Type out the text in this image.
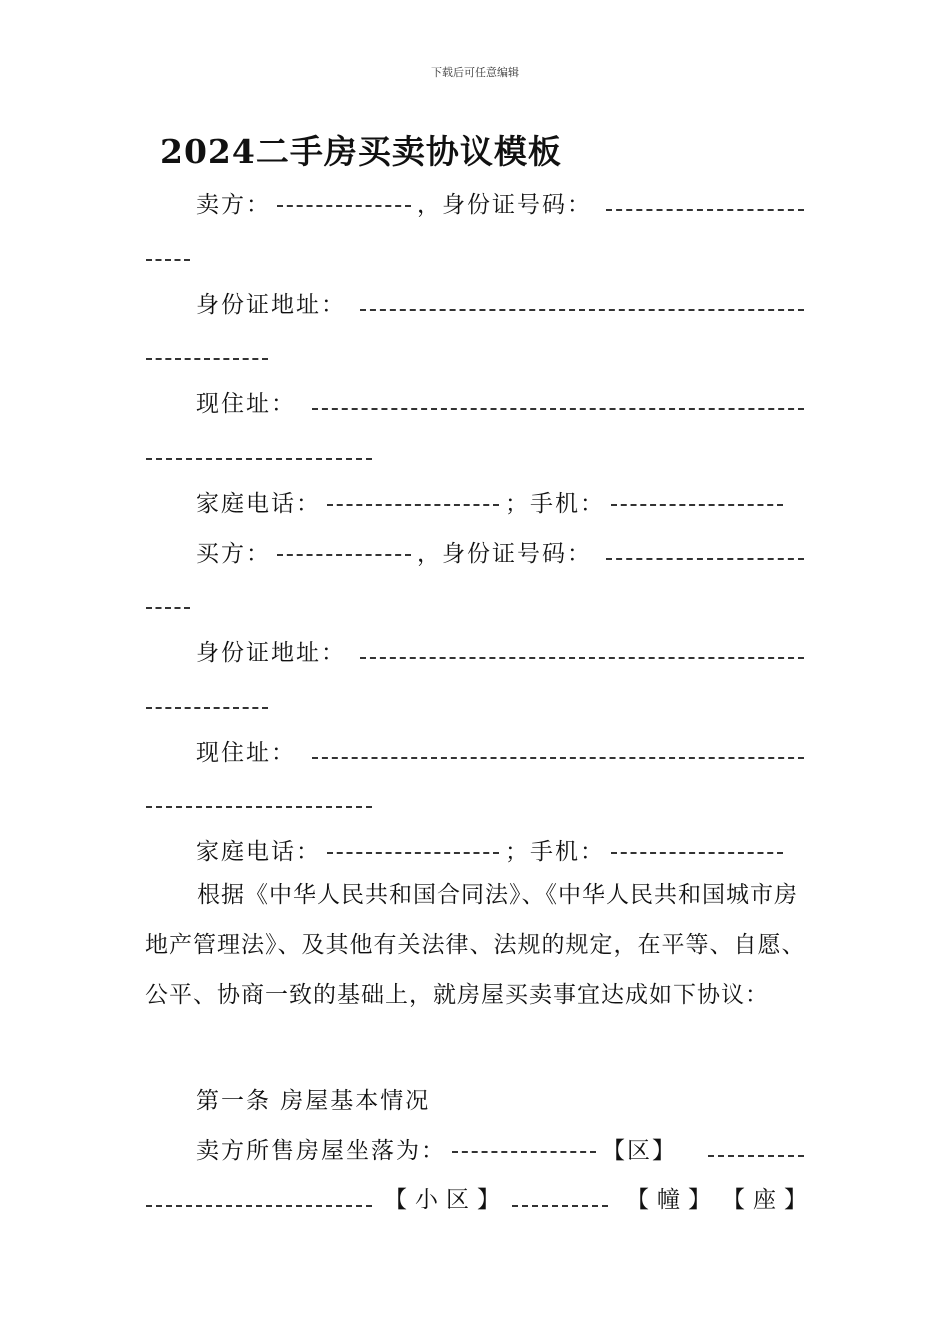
下载后可任意编辑
2024二手房买卖协议模板
卖方：	，身份证号码：
身份证地址：
现住址：
家庭电话：	；手机：
买方：	，身份证号码：
身份证地址：
现住址：
家庭电话：	；手机：
根据《中华人民共和国合同法》、《中华人民共和国城市房地产管理法》、及其他有关法律、法规的规定，在平等、自愿、公平、协商一致的基础上，就房屋买卖事宜达成如下协议：
第一条 房屋基本情况
卖方所售房屋坐落为：	【区】
【小区】	【幢】 【座】
